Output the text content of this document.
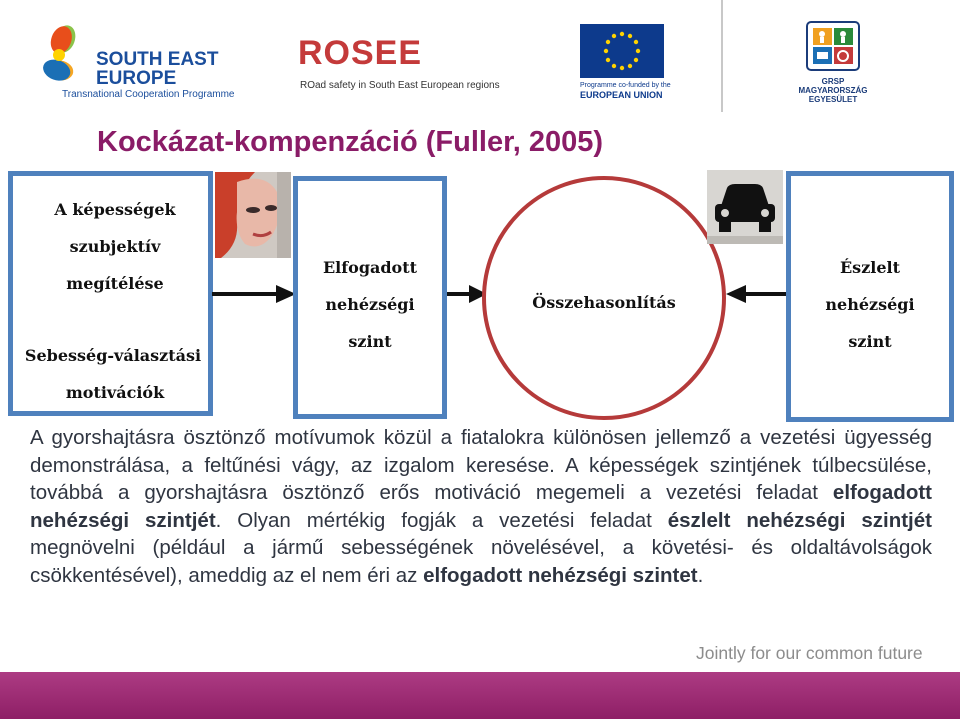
SOUTH EAST
EUROPE
Transnational Cooperation Programme
ROSEE
ROad safety in South East European regions	Programme co-funded by the
EUROPEAN UNION
GRSP
MAGYARORSZÁG
EGYESÜLET
Kockázat-kompenzáció (Fuller, 2005)
A képességek
szubjektív
megítélése
Sebesség-választási
motivációk
Elfogadott
nehézségi
szint
Összehasonlítás
Észlelt
nehézségi
szint
A gyorshajtásra ösztönző motívumok közül a fiatalokra különösen jellemző a vezetési ügyesség demonstrálása, a feltűnési vágy, az izgalom keresése. A képességek szintjének túlbecsülése, továbbá a gyorshajtásra ösztönző erős motiváció megemeli a vezetési feladat elfogadott nehézségi szintjét. Olyan mértékig fogják a vezetési feladat észlelt nehézségi szintjét megnövelni (például a jármű sebességének növelésével, a követési- és oldaltávolságok csökkentésével), ameddig az el nem éri az elfogadott nehézségi szintet.
Jointly for our common future
